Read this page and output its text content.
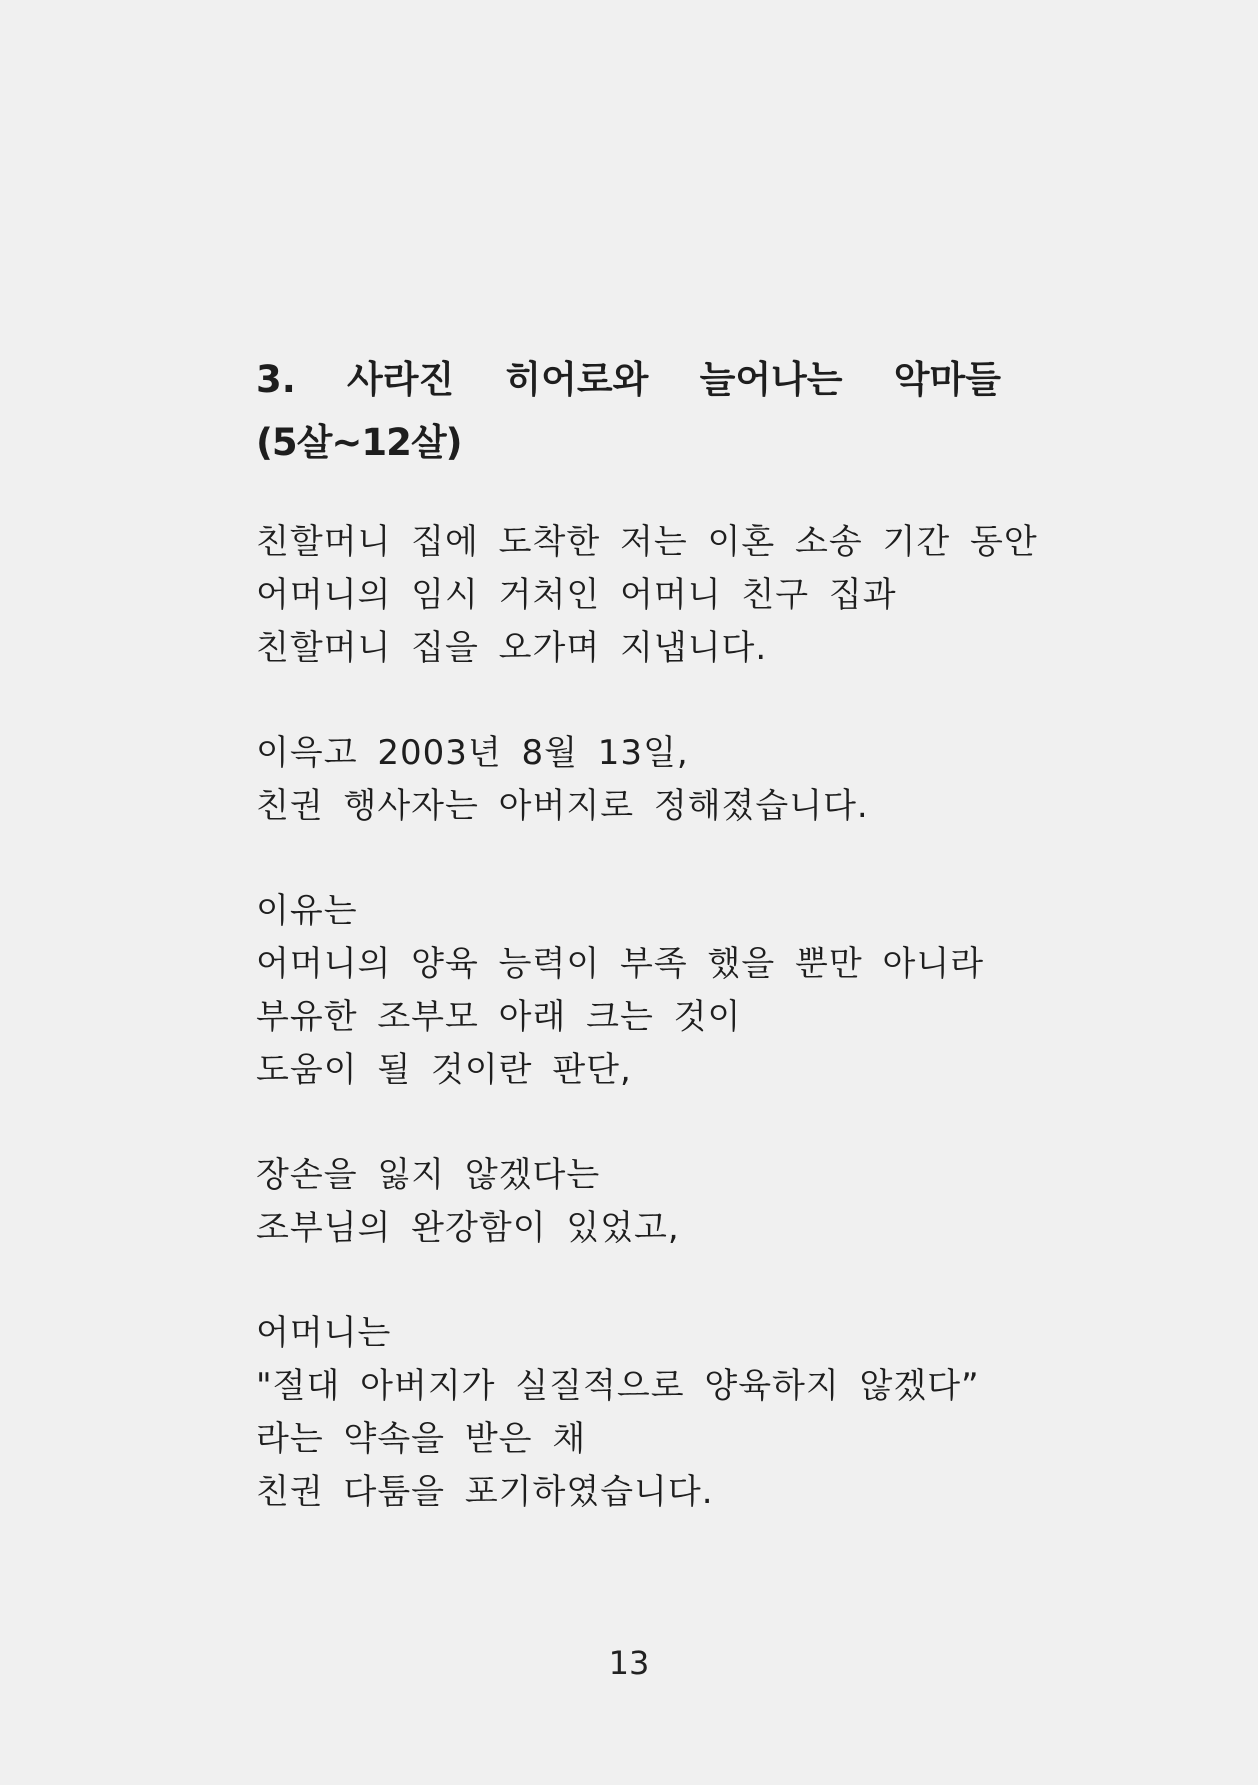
3. 사라진 히어로와 늘어나는 악마들
(5살~12살)

친할머니 집에 도착한 저는 이혼 소송 기간 동안
어머니의 임시 거처인 어머니 친구 집과
친할머니 집을 오가며 지냅니다.

이윽고 2003년 8월 13일,
친권 행사자는 아버지로 정해졌습니다.

이유는
어머니의 양육 능력이 부족 했을 뿐만 아니라
부유한 조부모 아래 크는 것이
도움이 될 것이란 판단,

장손을 잃지 않겠다는
조부님의 완강함이 있었고,

어머니는
"절대 아버지가 실질적으로 양육하지 않겠다”
라는 약속을 받은 채
친권 다툼을 포기하였습니다.

13
